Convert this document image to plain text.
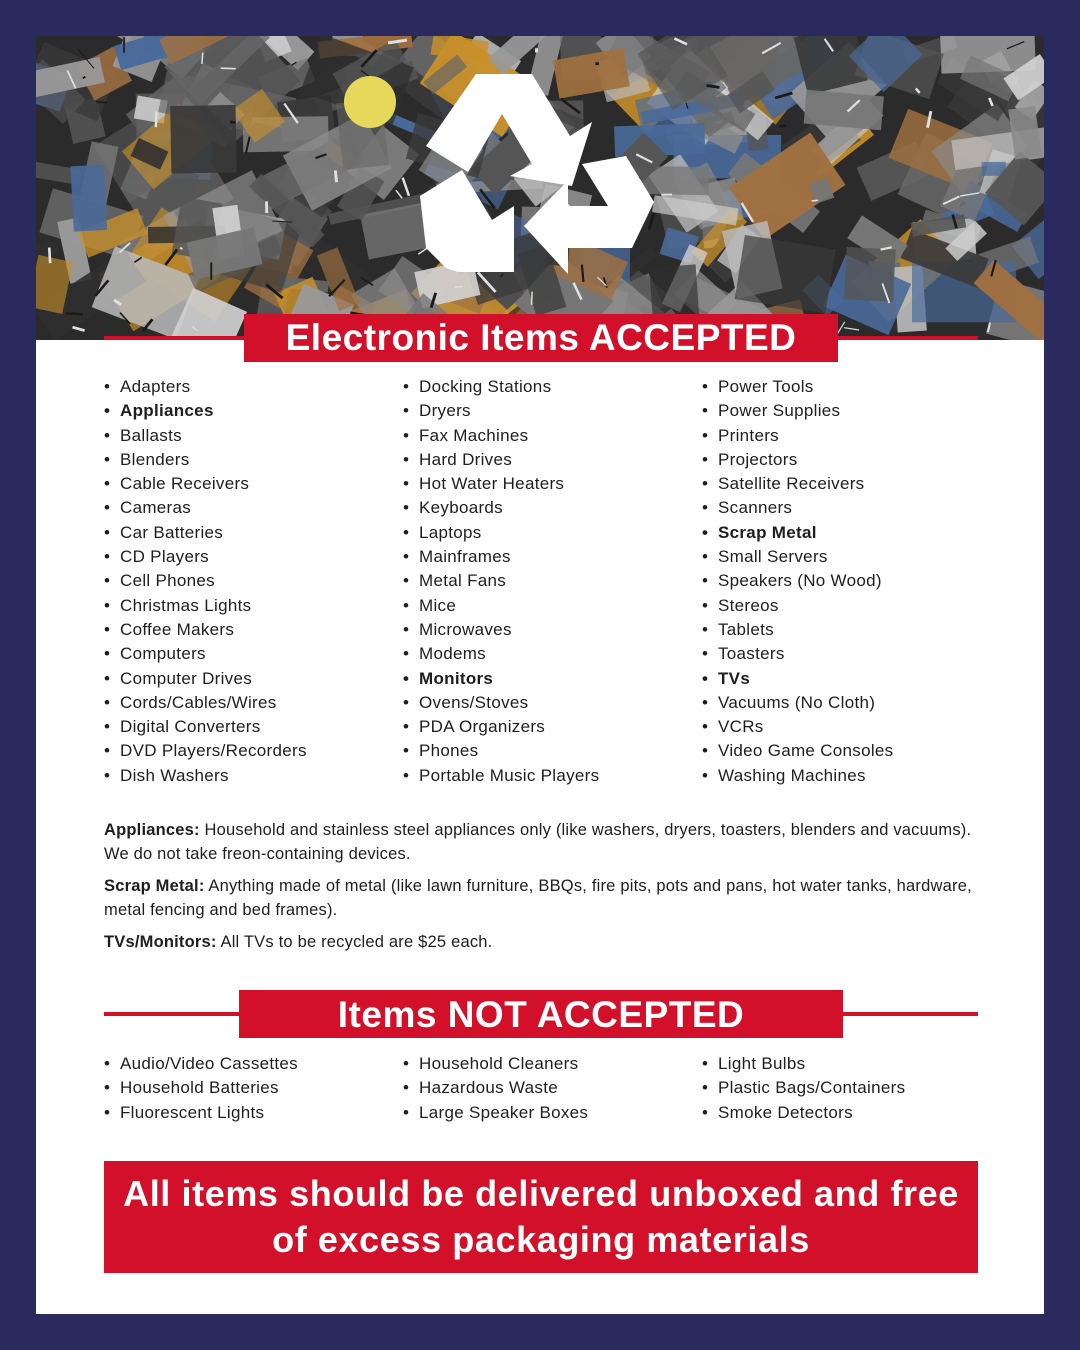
Electronic Items ACCEPTED
• Adapters
• Appliances
• Ballasts
• Blenders
• Cable Receivers
• Cameras
• Car Batteries
• CD Players
• Cell Phones
• Christmas Lights
• Coffee Makers
• Computers
• Computer Drives
• Cords/Cables/Wires
• Digital Converters
• DVD Players/Recorders
• Dish Washers
• Docking Stations
• Dryers
• Fax Machines
• Hard Drives
• Hot Water Heaters
• Keyboards
• Laptops
• Mainframes
• Metal Fans
• Mice
• Microwaves
• Modems
• Monitors
• Ovens/Stoves
• PDA Organizers
• Phones
• Portable Music Players
• Power Tools
• Power Supplies
• Printers
• Projectors
• Satellite Receivers
• Scanners
• Scrap Metal
• Small Servers
• Speakers (No Wood)
• Stereos
• Tablets
• Toasters
• TVs
• Vacuums (No Cloth)
• VCRs
• Video Game Consoles
• Washing Machines

Appliances: Household and stainless steel appliances only (like washers, dryers, toasters, blenders and vacuums). We do not take freon-containing devices.

Scrap Metal: Anything made of metal (like lawn furniture, BBQs, fire pits, pots and pans, hot water tanks, hardware, metal fencing and bed frames).

TVs/Monitors: All TVs to be recycled are $25 each.

Items NOT ACCEPTED
• Audio/Video Cassettes
• Household Batteries
• Fluorescent Lights
• Household Cleaners
• Hazardous Waste
• Large Speaker Boxes
• Light Bulbs
• Plastic Bags/Containers
• Smoke Detectors
All items should be delivered unboxed and free of excess packaging materials
